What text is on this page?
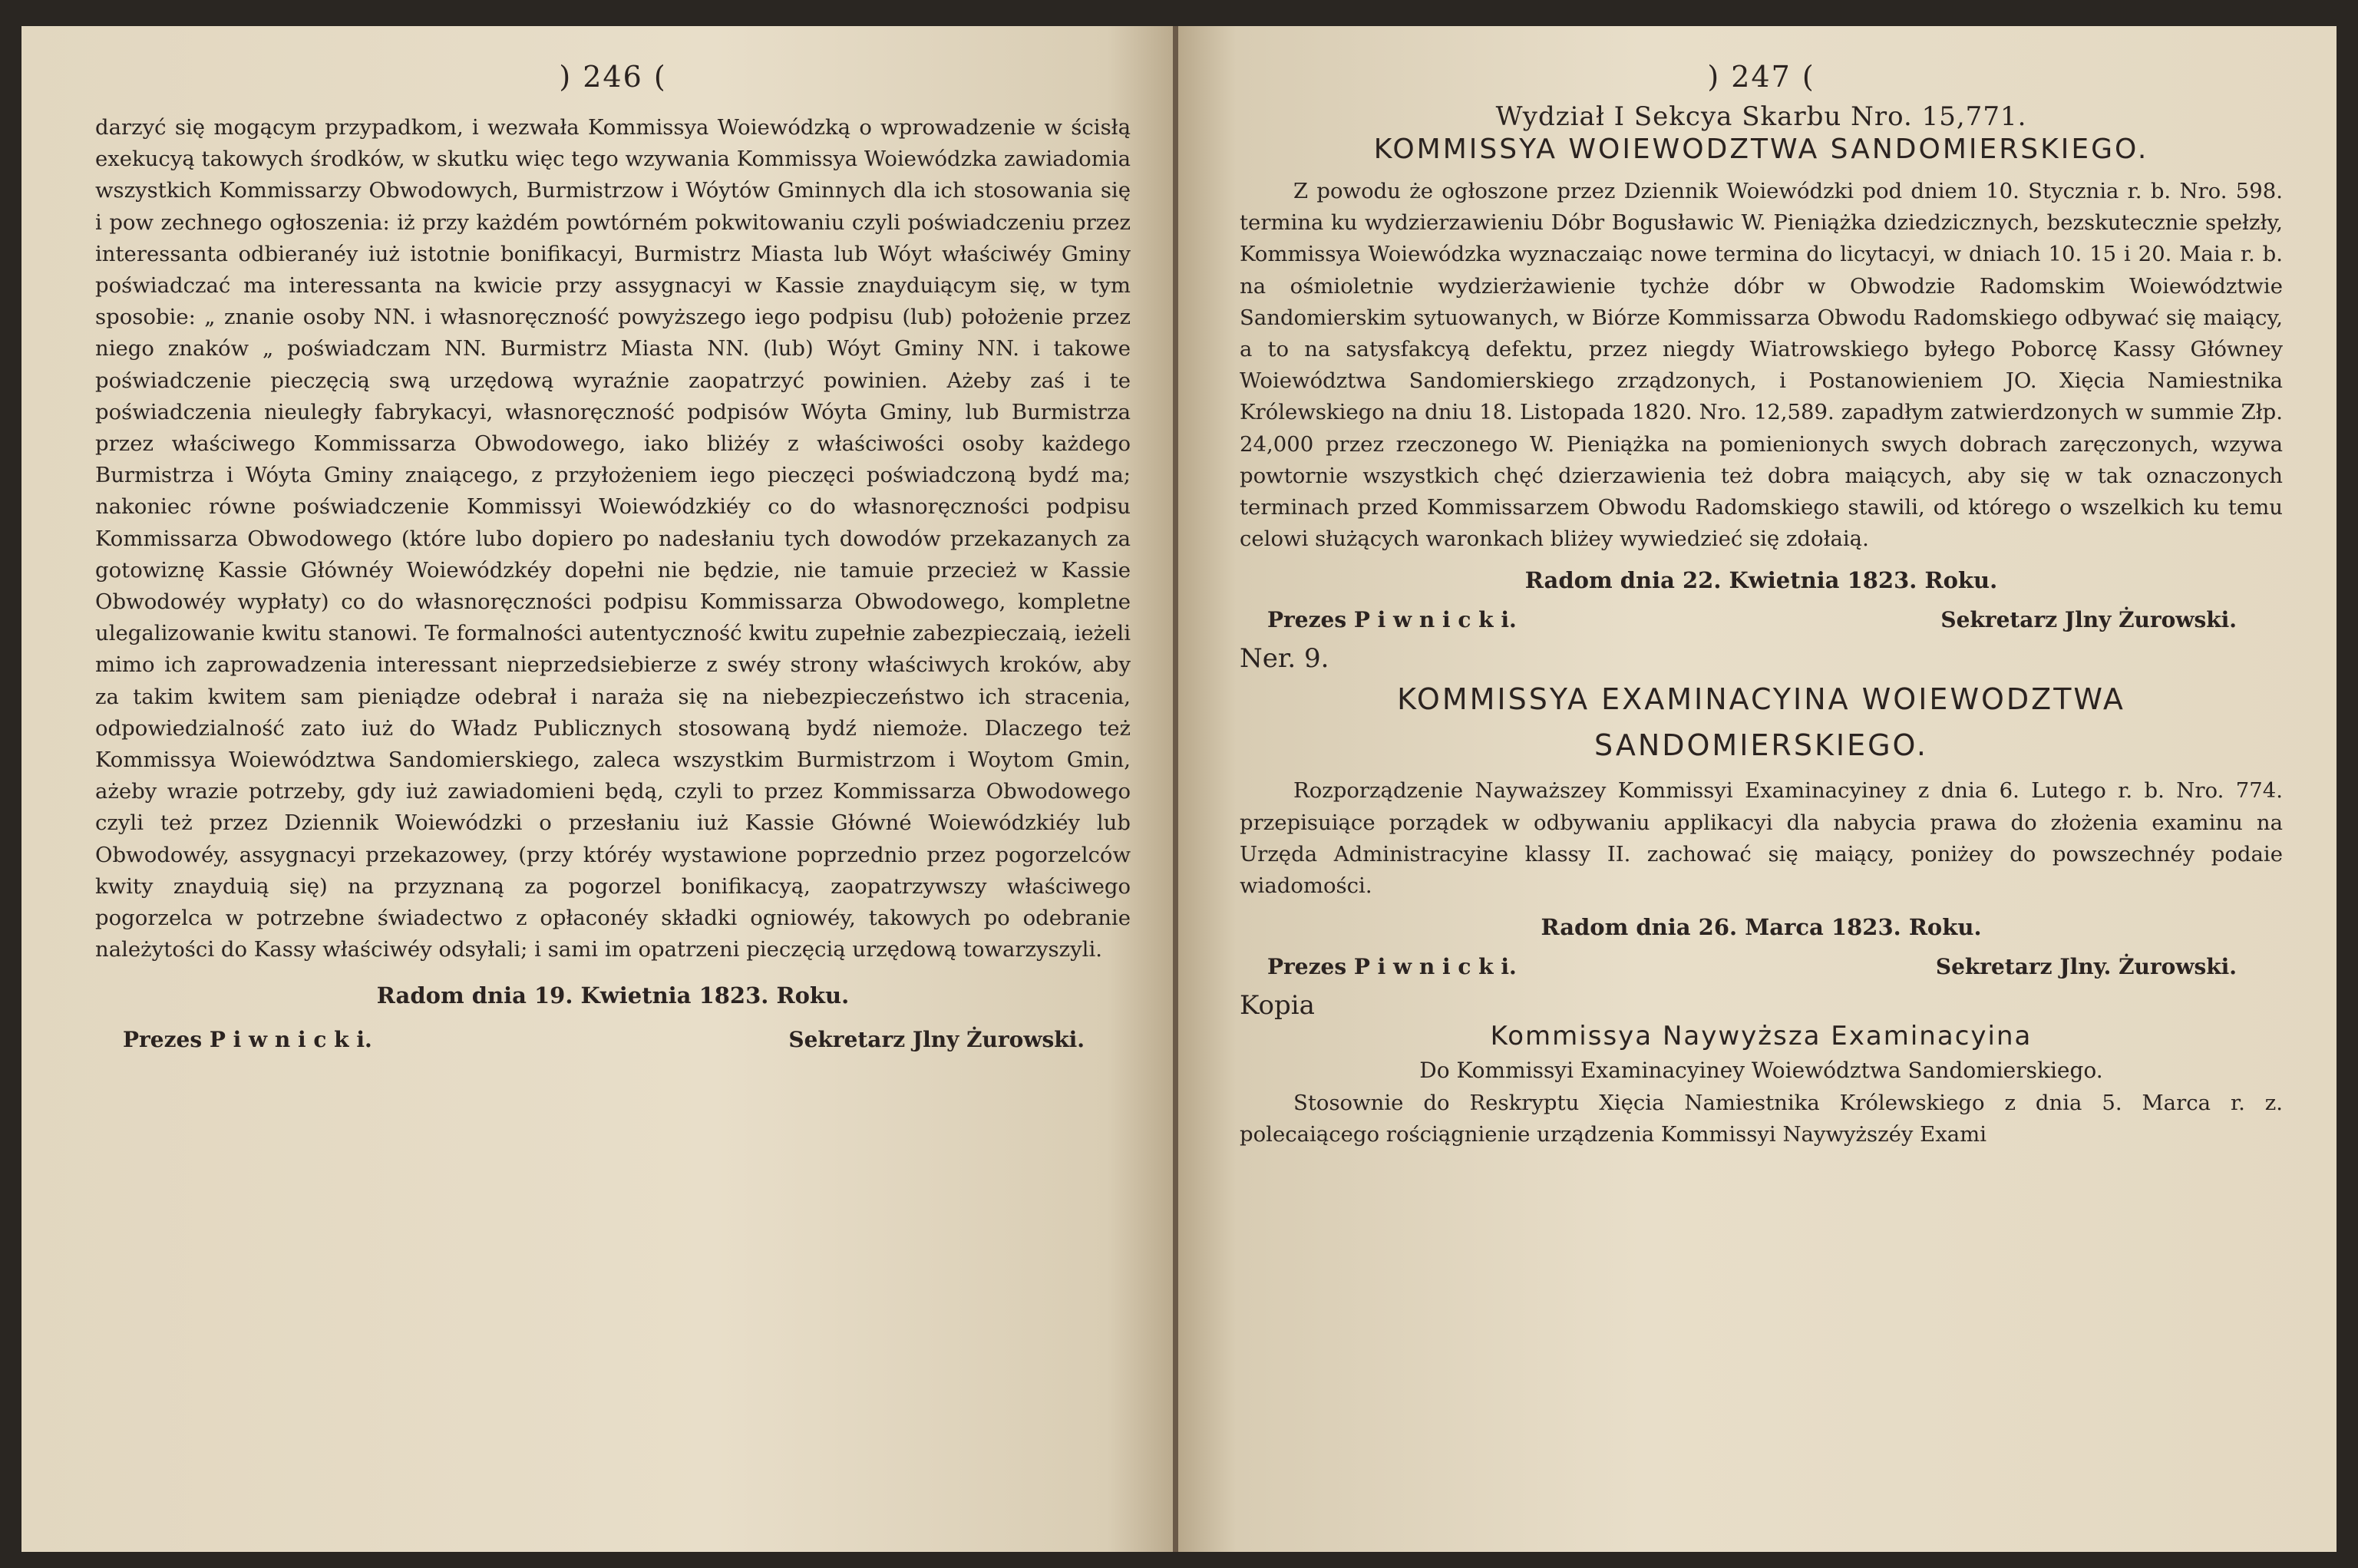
) 246 (

darzyć się mogącym przypadkom, i wezwała Kommissya Woiewódzką o wprowadzenie w ścisłą exekucyą takowych środków, w skutku więc tego wzywania Kommissya Woiewódzka zawiadomia wszystkich Kommissarzy Obwodowych, Burmistrzow i Wóytów Gminnych dla ich stosowania się i pow zechnego ogłoszenia: iż przy każdém powtórném pokwitowaniu czyli poświadczeniu przez interessanta odbieranéy iuż istotnie bonifikacyi, Burmistrz Miasta lub Wóyt właściwéy Gminy poświadczać ma interessanta na kwicie przy assygnacyi w Kassie znayduiącym się, w tym sposobie: „ znanie osoby NN. i własnoręczność powyższego iego podpisu (lub) położenie przez niego znaków „ poświadczam NN. Burmistrz Miasta NN. (lub) Wóyt Gminy NN. i takowe poświadczenie pieczęcią swą urzędową wyraźnie zaopatrzyć powinien. Ażeby zaś i te poświadczenia nieuległy fabrykacyi, własnoręczność podpisów Wóyta Gminy, lub Burmistrza przez właściwego Kommissarza Obwodowego, iako bliżéy z właściwości osoby każdego Burmistrza i Wóyta Gminy znaiącego, z przyłożeniem iego pieczęci poświadczoną bydź ma; nakoniec równe poświadczenie Kommissyi Woiewódzkiéy co do własnoręczności podpisu Kommissarza Obwodowego (które lubo dopiero po nadesłaniu tych dowodów przekazanych za gotowiznę Kassie Głównéy Woiewódzkéy dopełni nie będzie, nie tamuie przecież w Kassie Obwodowéy wypłaty) co do własnoręczności podpisu Kommissarza Obwodowego, kompletne ulegalizowanie kwitu stanowi. Te formalności autentyczność kwitu zupełnie zabezpieczaią, ieżeli mimo ich zaprowadzenia interessant nieprzedsiebierze z swéy strony właściwych kroków, aby za takim kwitem sam pieniądze odebrał i naraża się na niebezpieczeństwo ich stracenia, odpowiedzialność zato iuż do Władz Publicznych stosowaną bydź niemoże. Dlaczego też Kommissya Woiewództwa Sandomierskiego, zaleca wszystkim Burmistrzom i Woytom Gmin, ażeby wrazie potrzeby, gdy iuż zawiadomieni będą, czyli to przez Kommissarza Obwodowego czyli też przez Dziennik Woiewódzki o przesłaniu iuż Kassie Główné Woiewódzkiéy lub Obwodowéy, assygnacyi przekazowey, (przy któréy wystawione poprzednio przez pogorzelców kwity znayduią się) na przyznaną za pogorzel bonifikacyą, zaopatrzywszy właściwego pogorzelca w potrzebne świadectwo z opłaconéy składki ogniowéy, takowych po odebranie należytości do Kassy właściwéy odsyłali; i sami im opatrzeni pieczęcią urzędową towarzyszyli.

Radom dnia 19. Kwietnia 1823. Roku.
Prezes P i w n i c k i.	Sekretarz Jlny Żurowski.
) 247 (
Wydział I Sekcya Skarbu Nro. 15,771.
KOMMISSYA WOIEWODZTWA SANDOMIERSKIEGO.

Z powodu że ogłoszone przez Dziennik Woiewódzki pod dniem 10. Stycznia r. b. Nro. 598. termina ku wydzierzawieniu Dóbr Bogusławic W. Pieniążka dziedzicznych, bezskutecznie spełzły, Kommissya Woiewódzka wyznaczaiąc nowe termina do licytacyi, w dniach 10. 15 i 20. Maia r. b. na ośmioletnie wydzierżawienie tychże dóbr w Obwodzie Radomskim Woiewództwie Sandomierskim sytuowanych, w Biórze Kommissarza Obwodu Radomskiego odbywać się maiący, a to na satysfakcyą defektu, przez niegdy Wiatrowskiego byłego Poborcę Kassy Główney Woiewództwa Sandomierskiego zrządzonych, i Postanowieniem JO. Xięcia Namiestnika Królewskiego na dniu 18. Listopada 1820. Nro. 12,589. zapadłym zatwierdzonych w summie Złp. 24,000 przez rzeczonego W. Pieniążka na pomienionych swych dobrach zaręczonych, wzywa powtornie wszystkich chęć dzierzawienia też dobra maiących, aby się w tak oznaczonych terminach przed Kommissarzem Obwodu Radomskiego stawili, od którego o wszelkich ku temu celowi służących waronkach bliżey wywiedzieć się zdołaią.

Radom dnia 22. Kwietnia 1823. Roku.
Prezes P i w n i c k i.	Sekretarz Jlny Żurowski.
Ner. 9.
KOMMISSYA EXAMINACYINA WOIEWODZTWA
SANDOMIERSKIEGO.

Rozporządzenie Nayważszey Kommissyi Examinacyiney z dnia 6. Lutego r. b. Nro. 774. przepisuiące porządek w odbywaniu applikacyi dla nabycia prawa do złożenia examinu na Urzęda Administracyine klassy II. zachować się maiący, poniżey do powszechnéy podaie wiadomości.

Radom dnia 26. Marca 1823. Roku.
Prezes P i w n i c k i.	Sekretarz Jlny. Żurowski.
Kopia
Kommissya Naywyższa Examinacyina
Do Kommissyi Examinacyiney Woiewództwa Sandomierskiego.

Stosownie do Reskryptu Xięcia Namiestnika Królewskiego z dnia 5. Marca r. z. polecaiącego rościągnienie urządzenia Kommissyi Naywyższéy Exami
